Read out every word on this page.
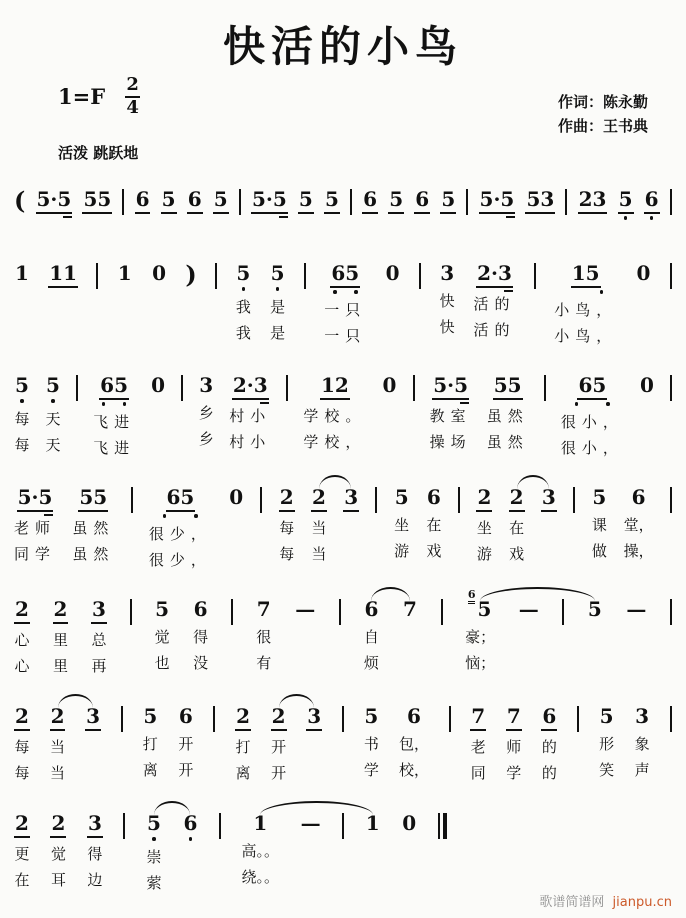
快活的小鸟
1=F 2
4	作词：陈永勤
作曲：王书典
活泼 跳跃地
( 5·5 55 6 5 6 5 5·5 5 5 6 5 6 5 5·5 53 23 5 6
1 11 1 0 ) 5
我
我
5
是
是
65
一只
一只
0 3
快
快
2·3
活的
活的
15
小鸟，
小鸟，
0
5
每
每
5
天
天
65
飞进
飞进
0 3
乡
乡
2·3
村小
村小
12
学校。
学校，
0 5·5
教室
操场
55
虽然
虽然
65
很小，
很小，
0
5·5
老师
同学
55
虽然
虽然
65
很少，
很少，
0 2
每
每
2
当
当
3 5
坐
游
6
在
戏
2
坐
游
2
在
戏
3 5
课
做
6
堂，
操，
2
心
心
2
里
里
3
总
再
5
觉
也
6
得
没
7
很
有
— 6
自
烦
7
6
5
豪；
恼；
— 5 —
2
每
每
2
当
当
3 5
打
离
6
开
开
2
打
离
2
开
开
3 5
书
学
6
包，
校，
7
老
同
7
师
学
6
的
的
5
形
笑
3
象
声
2
更
在
2
觉
耳
3
得
边
5
崇
萦
6	1
高。。
绕。。
— 1 0
歌谱简谱网 jianpu.cn
